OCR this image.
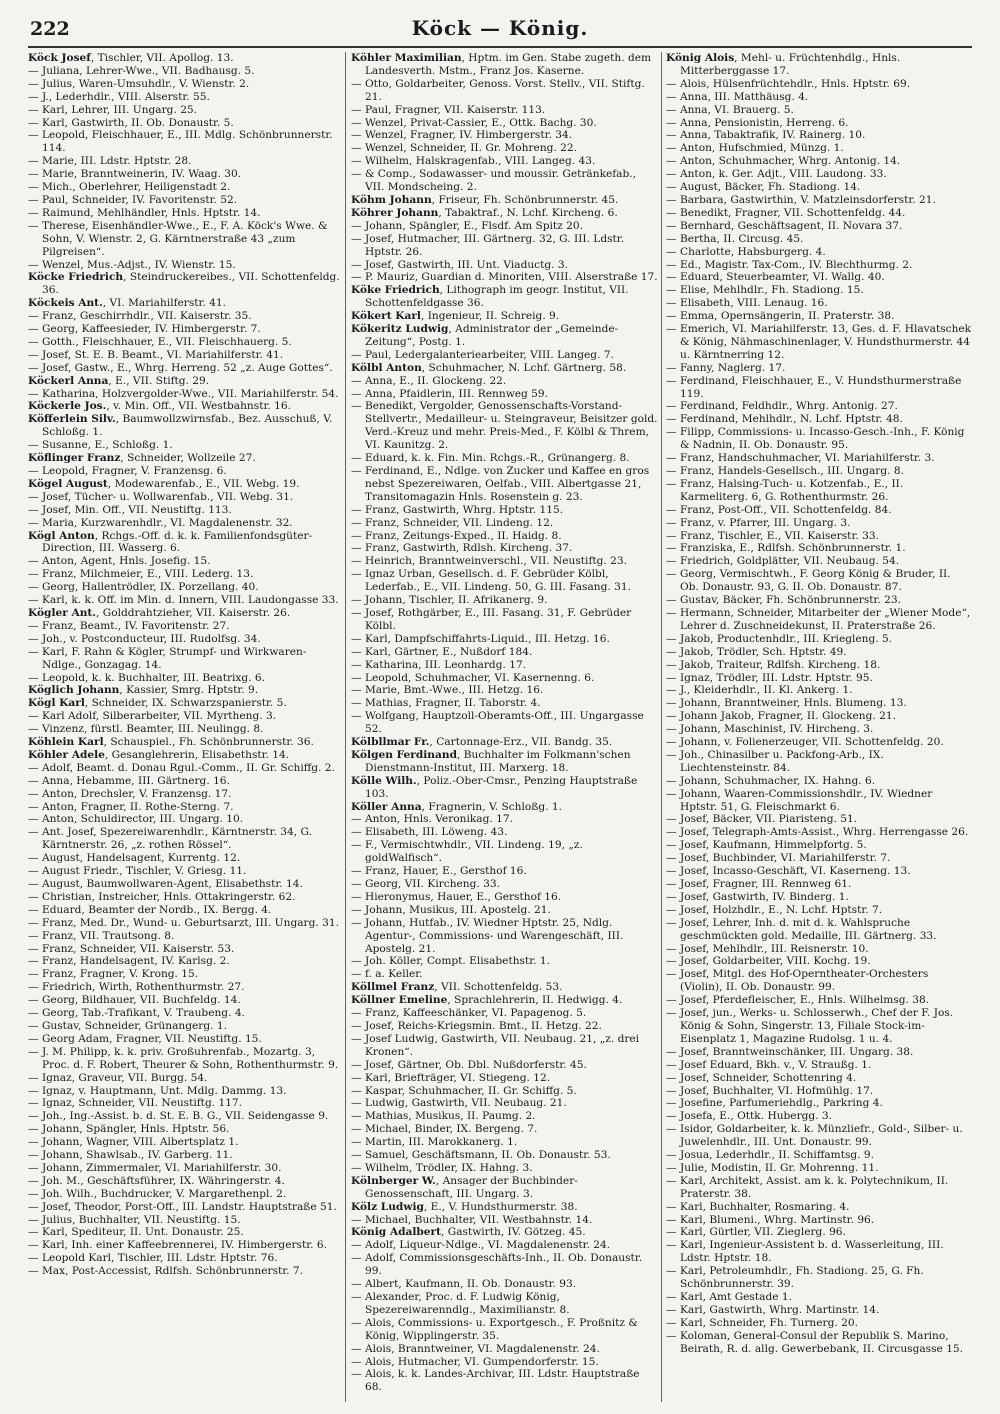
222	Köck — König.
Köck Josef, Tischler, VII. Apollog. 13.
— Juliana, Lehrer-Wwe., VII. Badhausg. 5.
— Julius, Waren-Umsuhdlr., V. Wienstr. 2.
— J., Lederhdlr., VIII. Alserstr. 55.
— Karl, Lehrer, III. Ungarg. 25.
— Karl, Gastwirth, II. Ob. Donaustr. 5.
— Leopold, Fleischhauer, E., III. Mdlg. Schönbrunnerstr. 114.
— Marie, III. Ldstr. Hptstr. 28.
— Marie, Branntweinerin, IV. Waag. 30.
— Mich., Oberlehrer, Heiligenstadt 2.
— Paul, Schneider, IV. Favoritenstr. 52.
— Raimund, Mehlhändler, Hnls. Hptstr. 14.
— Therese, Eisenhändler-Wwe., E., F. A. Köck's Wwe. & Sohn, V. Wienstr. 2, G. Kärntnerstraße 43 „zum Pilgreisen“.
— Wenzel, Mus.-Adjst., IV. Wienstr. 15.
Köcke Friedrich, Steindruckereibes., VII. Schottenfeldg. 36.
Köckeis Ant., VI. Mariahilferstr. 41.
— Franz, Geschirrhdlr., VII. Kaiserstr. 35.
— Georg, Kaffeesieder, IV. Himbergerstr. 7.
— Gotth., Fleischhauer, E., VII. Fleischhauerg. 5.
— Josef, St. E. B. Beamt., VI. Mariahilferstr. 41.
— Josef, Gastw., E., Whrg. Herreng. 52 „z. Auge Gottes“.
Köckerl Anna, E., VII. Stiftg. 29.
— Katharina, Holzvergolder-Wwe., VII. Mariahilferstr. 54.
Köckerle Jos., v. Min. Off., VII. Westbahnstr. 16.
Köfferlein Silv., Baumwollzwirnsfab., Bez. Ausschuß, V. Schloßg. 1.
— Susanne, E., Schloßg. 1.
Köflinger Franz, Schneider, Wollzeile 27.
— Leopold, Fragner, V. Franzensg. 6.
Kögel August, Modewarenfab., E., VII. Webg. 19.
— Josef, Tücher- u. Wollwarenfab., VII. Webg. 31.
— Josef, Min. Off., VII. Neustiftg. 113.
— Maria, Kurzwarenhdlr., VI. Magdalenenstr. 32.
Kögl Anton, Rchgs.-Off. d. k. k. Familienfondsgüter-Direction, III. Wasserg. 6.
— Anton, Agent, Hnls. Josefig. 15.
— Franz, Milchmeier, E., VIII. Lederg. 13.
— Georg, Hallentrödler, IX. Porzellang. 40.
— Karl, k. k. Off. im Min. d. Innern, VIII. Laudongasse 33.
Kögler Ant., Golddrahtzieher, VII. Kaiserstr. 26.
— Franz, Beamt., IV. Favoritenstr. 27.
— Joh., v. Postconducteur, III. Rudolfsg. 34.
— Karl, F. Rahn & Kögler, Strumpf- und Wirkwaren-Ndlge., Gonzagag. 14.
— Leopold, k. k. Buchhalter, III. Beatrixg. 6.
Köglich Johann, Kassier, Smrg. Hptstr. 9.
Kögl Karl, Schneider, IX. Schwarzspanierstr. 5.
— Karl Adolf, Silberarbeiter, VII. Myrtheng. 3.
— Vinzenz, fürstl. Beamter, III. Neulingg. 8.
Köhlein Karl, Schauspiel., Fh. Schönbrunnerstr. 36.
Köhler Adele, Gesanglehrerin, Elisabethstr. 14.
— Adolf, Beamt. d. Donau Rgul.-Comm., II. Gr. Schiffg. 2.
— Anna, Hebamme, III. Gärtnerg. 16.
— Anton, Drechsler, V. Franzensg. 17.
— Anton, Fragner, II. Rothe-Sterng. 7.
— Anton, Schuldirector, III. Ungarg. 10.
— Ant. Josef, Spezereiwarenhdlr., Kärntnerstr. 34, G. Kärntnerstr. 26, „z. rothen Rössel“.
— August, Handelsagent, Kurrentg. 12.
— August Friedr., Tischler, V. Griesg. 11.
— August, Baumwollwaren-Agent, Elisabethstr. 14.
— Christian, Instreicher, Hnls. Ottakringerstr. 62.
— Eduard, Beamter der Nordb., IX. Bergg. 4.
— Franz, Med. Dr., Wund- u. Geburtsarzt, III. Ungarg. 31.
— Franz, VII. Trautsong. 8.
— Franz, Schneider, VII. Kaiserstr. 53.
— Franz, Handelsagent, IV. Karlsg. 2.
— Franz, Fragner, V. Krong. 15.
— Friedrich, Wirth, Rothenthurmstr. 27.
— Georg, Bildhauer, VII. Buchfeldg. 14.
— Georg, Tab.-Trafikant, V. Traubeng. 4.
— Gustav, Schneider, Grünangerg. 1.
— Georg Adam, Fragner, VII. Neustiftg. 15.
— J. M. Philipp, k. k. priv. Großuhrenfab., Mozartg. 3, Proc. d. F. Robert, Theurer & Sohn, Rothenthurmstr. 9.
— Ignaz, Graveur, VII. Burgg. 54.
— Ignaz, v. Hauptmann, Unt. Mdlg. Dammg. 13.
— Ignaz, Schneider, VII. Neustiftg. 117.
— Joh., Ing.-Assist. b. d. St. E. B. G., VII. Seidengasse 9.
— Johann, Spängler, Hnls. Hptstr. 56.
— Johann, Wagner, VIII. Albertsplatz 1.
— Johann, Shawlsab., IV. Garberg. 11.
— Johann, Zimmermaler, VI. Mariahilferstr. 30.
— Joh. M., Geschäftsführer, IX. Währingerstr. 4.
— Joh. Wilh., Buchdrucker, V. Margarethenpl. 2.
— Josef, Theodor, Porst-Off., III. Landstr. Hauptstraße 51.
— Julius, Buchhalter, VII. Neustiftg. 15.
— Karl, Spediteur, II. Unt. Donaustr. 25.
— Karl, Inh. einer Kaffeebrennerei, IV. Himbergerstr. 6.
— Leopold Karl, Tischler, III. Ldstr. Hptstr. 76.
— Max, Post-Accessist, Rdlfsh. Schönbrunnerstr. 7.
Köhler Maximilian, Hptm. im Gen. Stabe zugeth. dem Landesverth. Mstm., Franz Jos. Kaserne.
— Otto, Goldarbeiter, Genoss. Vorst. Stellv., VII. Stiftg. 21.
— Paul, Fragner, VII. Kaiserstr. 113.
— Wenzel, Privat-Cassier, E., Ottk. Bachg. 30.
— Wenzel, Fragner, IV. Himbergerstr. 34.
— Wenzel, Schneider, II. Gr. Mohreng. 22.
— Wilhelm, Halskragenfab., VIII. Langeg. 43.
— & Comp., Sodawasser- und moussir. Getränkefab., VII. Mondscheing. 2.
Köhm Johann, Friseur, Fh. Schönbrunnerstr. 45.
Köhrer Johann, Tabaktraf., N. Lchf. Kircheng. 6.
— Johann, Spängler, E., Flsdf. Am Spitz 20.
— Josef, Hutmacher, III. Gärtnerg. 32, G. III. Ldstr. Hptstr. 26.
— Josef, Gastwirth, III. Unt. Viaductg. 3.
— P. Mauriz, Guardian d. Minoriten, VIII. Alserstraße 17.
Köke Friedrich, Lithograph im geogr. Institut, VII. Schottenfeldgasse 36.
Kökert Karl, Ingenieur, II. Schreig. 9.
Kökeritz Ludwig, Administrator der „Gemeinde-Zeitung“, Postg. 1.
— Paul, Ledergalanteriearbeiter, VIII. Langeg. 7.
Kölbl Anton, Schuhmacher, N. Lchf. Gärtnerg. 58.
— Anna, E., II. Glockeng. 22.
— Anna, Pfaidlerin, III. Rennweg 59.
— Benedikt, Vergolder, Genossenschafts-Vorstand-Stellvertr., Medailleur- u. Steingraveur, Beisitzer gold. Verd.-Kreuz und mehr. Preis-Med., F. Kölbl & Threm, VI. Kaunitzg. 2.
— Eduard, k. k. Fin. Min. Rchgs.-R., Grünangerg. 8.
— Ferdinand, E., Ndlge. von Zucker und Kaffee en gros nebst Spezereiwaren, Oelfab., VIII. Albertgasse 21, Transitomagazin Hnls. Rosenstein g. 23.
— Franz, Gastwirth, Whrg. Hptstr. 115.
— Franz, Schneider, VII. Lindeng. 12.
— Franz, Zeitungs-Exped., II. Haidg. 8.
— Franz, Gastwirth, Rdlsh. Kircheng. 37.
— Heinrich, Branntweinverschl., VII. Neustiftg. 23.
— Ignaz Urban, Gesellsch. d. F. Gebrüder Kölbl, Lederfab., E., VII. Lindeng. 50, G. III. Fasang. 31.
— Johann, Tischler, II. Afrikanerg. 9.
— Josef, Rothgärber, E., III. Fasang. 31, F. Gebrüder Kölbl.
— Karl, Dampfschiffahrts-Liquid., III. Hetzg. 16.
— Karl, Gärtner, E., Nußdorf 184.
— Katharina, III. Leonhardg. 17.
— Leopold, Schuhmacher, VI. Kasernenng. 6.
— Marie, Bmt.-Wwe., III. Hetzg. 16.
— Mathias, Fragner, II. Taborstr. 4.
— Wolfgang, Hauptzoll-Oberamts-Off., III. Ungargasse 52.
Kölbllmar Fr., Cartonnage-Erz., VII. Bandg. 35.
Kölgen Ferdinand, Buchhalter im Folkmann'schen Dienstmann-Institut, III. Marxerg. 18.
Kölle Wilh., Poliz.-Ober-Cmsr., Penzing Hauptstraße 103.
Köller Anna, Fragnerin, V. Schloßg. 1.
— Anton, Hnls. Veronikag. 17.
— Elisabeth, III. Löweng. 43.
— F., Vermischtwhdlr., VII. Lindeng. 19, „z. goldWalfisch“.
— Franz, Hauer, E., Gersthof 16.
— Georg, VII. Kircheng. 33.
— Hieronymus, Hauer, E., Gersthof 16.
— Johann, Musikus, III. Apostelg. 21.
— Johann, Hutfab., IV. Wiedner Hptstr. 25, Ndlg. Agentur-, Commissions- und Warengeschäft, III. Apostelg. 21.
— Joh. Köller, Compt. Elisabethstr. 1.
— f. a. Keller.
Köllmel Franz, VII. Schottenfeldg. 53.
Köllner Emeline, Sprachlehrerin, II. Hedwigg. 4.
— Franz, Kaffeeschänker, VI. Papagenog. 5.
— Josef, Reichs-Kriegsmin. Bmt., II. Hetzg. 22.
— Josef Ludwig, Gastwirth, VII. Neubaug. 21, „z. drei Kronen“.
— Josef, Gärtner, Ob. Dbl. Nußdorferstr. 45.
— Karl, Briefträger, VI. Stiegeng. 12.
— Kaspar, Schuhmacher, II. Gr. Schiffg. 5.
— Ludwig, Gastwirth, VII. Neubaug. 21.
— Mathias, Musikus, II. Paumg. 2.
— Michael, Binder, IX. Bergeng. 7.
— Martin, III. Marokkanerg. 1.
— Samuel, Geschäftsmann, II. Ob. Donaustr. 53.
— Wilhelm, Trödler, IX. Hahng. 3.
Kölnberger W., Ansager der Buchbinder-Genossenschaft, III. Ungarg. 3.
Kölz Ludwig, E., V. Hundsthurmerstr. 38.
— Michael, Buchhalter, VII. Westbahnstr. 14.
König Adalbert, Gastwirth, IV. Götzeg. 45.
— Adolf, Liqueur-Ndlge., VI. Magdalenenstr. 24.
— Adolf, Commissionsgeschäfts-Inh., II. Ob. Donaustr. 99.
— Albert, Kaufmann, II. Ob. Donaustr. 93.
— Alexander, Proc. d. F. Ludwig König, Spezereiwarenndlg., Maximilianstr. 8.
— Alois, Commissions- u. Exportgesch., F. Proßnitz & König, Wipplingerstr. 35.
— Alois, Branntweiner, VI. Magdalenenstr. 24.
— Alois, Hutmacher, VI. Gumpendorferstr. 15.
— Alois, k. k. Landes-Archivar, III. Ldstr. Hauptstraße 68.
König Alois, Mehl- u. Früchtenhdlg., Hnls. Mitterberggasse 17.
— Alois, Hülsenfrüchtehdlr., Hnls. Hptstr. 69.
— Anna, III. Matthäusg. 4.
— Anna, VI. Brauerg. 5.
— Anna, Pensionistin, Herreng. 6.
— Anna, Tabaktrafik, IV. Rainerg. 10.
— Anton, Hufschmied, Münzg. 1.
— Anton, Schuhmacher, Whrg. Antonig. 14.
— Anton, k. Ger. Adjt., VIII. Laudong. 33.
— August, Bäcker, Fh. Stadiong. 14.
— Barbara, Gastwirthin, V. Matzleinsdorferstr. 21.
— Benedikt, Fragner, VII. Schottenfeldg. 44.
— Bernhard, Geschäftsagent, II. Novara 37.
— Bertha, II. Circusg. 45.
— Charlotte, Habsburgerg. 4.
— Ed., Magistr. Tax-Com., IV. Blechthurmg. 2.
— Eduard, Steuerbeamter, VI. Wallg. 40.
— Elise, Mehlhdlr., Fh. Stadiong. 15.
— Elisabeth, VIII. Lenaug. 16.
— Emma, Opernsängerin, II. Praterstr. 38.
— Emerich, VI. Mariahilferstr. 13, Ges. d. F. Hlavatschek & König, Nähmaschinenlager, V. Hundsthurmerstr. 44 u. Kärntnerring 12.
— Fanny, Naglerg. 17.
— Ferdinand, Fleischhauer, E., V. Hundsthurmerstraße 119.
— Ferdinand, Feldhdlr., Whrg. Antonig. 27.
— Ferdinand, Mehlhdlr., N. Lchf. Hptstr. 48.
— Filipp, Commissions- u. Incasso-Gesch.-Inh., F. König & Nadnin, II. Ob. Donaustr. 95.
— Franz, Handschuhmacher, VI. Mariahilferstr. 3.
— Franz, Handels-Gesellsch., III. Ungarg. 8.
— Franz, Halsing-Tuch- u. Kotzenfab., E., II. Karmeliterg. 6, G. Rothenthurmstr. 26.
— Franz, Post-Off., VII. Schottenfeldg. 84.
— Franz, v. Pfarrer, III. Ungarg. 3.
— Franz, Tischler, E., VII. Kaiserstr. 33.
— Franziska, E., Rdlfsh. Schönbrunnerstr. 1.
— Friedrich, Goldplätter, VII. Neubaug. 54.
— Georg, Vermischtwh., F. Georg König & Bruder, II. Ob. Donaustr. 93, G. II. Ob. Donaustr. 87.
— Gustav, Bäcker, Fh. Schönbrunnerstr. 23.
— Hermann, Schneider, Mitarbeiter der „Wiener Mode“, Lehrer d. Zuschneidekunst, II. Praterstraße 26.
— Jakob, Productenhdlr., III. Kriegleng. 5.
— Jakob, Trödler, Sch. Hptstr. 49.
— Jakob, Traiteur, Rdlfsh. Kircheng. 18.
— Ignaz, Trödler, III. Ldstr. Hptstr. 95.
— J., Kleiderhdlr., II. Kl. Ankerg. 1.
— Johann, Branntweiner, Hnls. Blumeng. 13.
— Johann Jakob, Fragner, II. Glockeng. 21.
— Johann, Maschinist, IV. Hircheng. 3.
— Johann, v. Folienerzeuger, VII. Schottenfeldg. 20.
— Joh., Chinasilber u. Packfong-Arb., IX. Liechtensteinstr. 84.
— Johann, Schuhmacher, IX. Hahng. 6.
— Johann, Waaren-Commissionshdlr., IV. Wiedner Hptstr. 51, G. Fleischmarkt 6.
— Josef, Bäcker, VII. Piaristeng. 51.
— Josef, Telegraph-Amts-Assist., Whrg. Herrengasse 26.
— Josef, Kaufmann, Himmelpfortg. 5.
— Josef, Buchbinder, VI. Mariahilferstr. 7.
— Josef, Incasso-Geschäft, VI. Kaserneng. 13.
— Josef, Fragner, III. Rennweg 61.
— Josef, Gastwirth, IV. Binderg. 1.
— Josef, Holzhdlr., E., N. Lchf. Hptstr. 7.
— Josef, Lehrer, Inh. d. mit d. k. Wahlspruche geschmückten gold. Medaille, III. Gärtnerg. 33.
— Josef, Mehlhdlr., III. Reisnerstr. 10.
— Josef, Goldarbeiter, VIII. Kochg. 19.
— Josef, Mitgl. des Hof-Operntheater-Orchesters (Violin), II. Ob. Donaustr. 99.
— Josef, Pferdefleischer, E., Hnls. Wilhelmsg. 38.
— Josef, jun., Werks- u. Schlosserwh., Chef der F. Jos. König & Sohn, Singerstr. 13, Filiale Stock-im-Eisenplatz 1, Magazine Rudolsg. 1 u. 4.
— Josef, Branntweinschänker, III. Ungarg. 38.
— Josef Eduard, Bkh. v., V. Straußg. 1.
— Josef, Schneider, Schottenring 4.
— Josef, Buchhalter, VI. Hofmühlg. 17.
— Josefine, Parfumeriehdlg., Parkring 4.
— Josefa, E., Ottk. Hubergg. 3.
— Isidor, Goldarbeiter, k. k. Münzliefr., Gold-, Silber- u. Juwelenhdlr., III. Unt. Donaustr. 99.
— Josua, Lederhdlr., II. Schiffamtsg. 9.
— Julie, Modistin, II. Gr. Mohrenng. 11.
— Karl, Architekt, Assist. am k. k. Polytechnikum, II. Praterstr. 38.
— Karl, Buchhalter, Rosmaring. 4.
— Karl, Blumeni., Whrg. Martinstr. 96.
— Karl, Gürtler, VII. Zieglerg. 96.
— Karl, Ingenieur-Assistent b. d. Wasserleitung, III. Ldstr. Hptstr. 18.
— Karl, Petroleumhdlr., Fh. Stadiong. 25, G. Fh. Schönbrunnerstr. 39.
— Karl, Amt Gestade 1.
— Karl, Gastwirth, Whrg. Martinstr. 14.
— Karl, Schneider, Fh. Turnerg. 20.
— Koloman, General-Consul der Republik S. Marino, Beirath, R. d. allg. Gewerbebank, II. Circusgasse 15.
